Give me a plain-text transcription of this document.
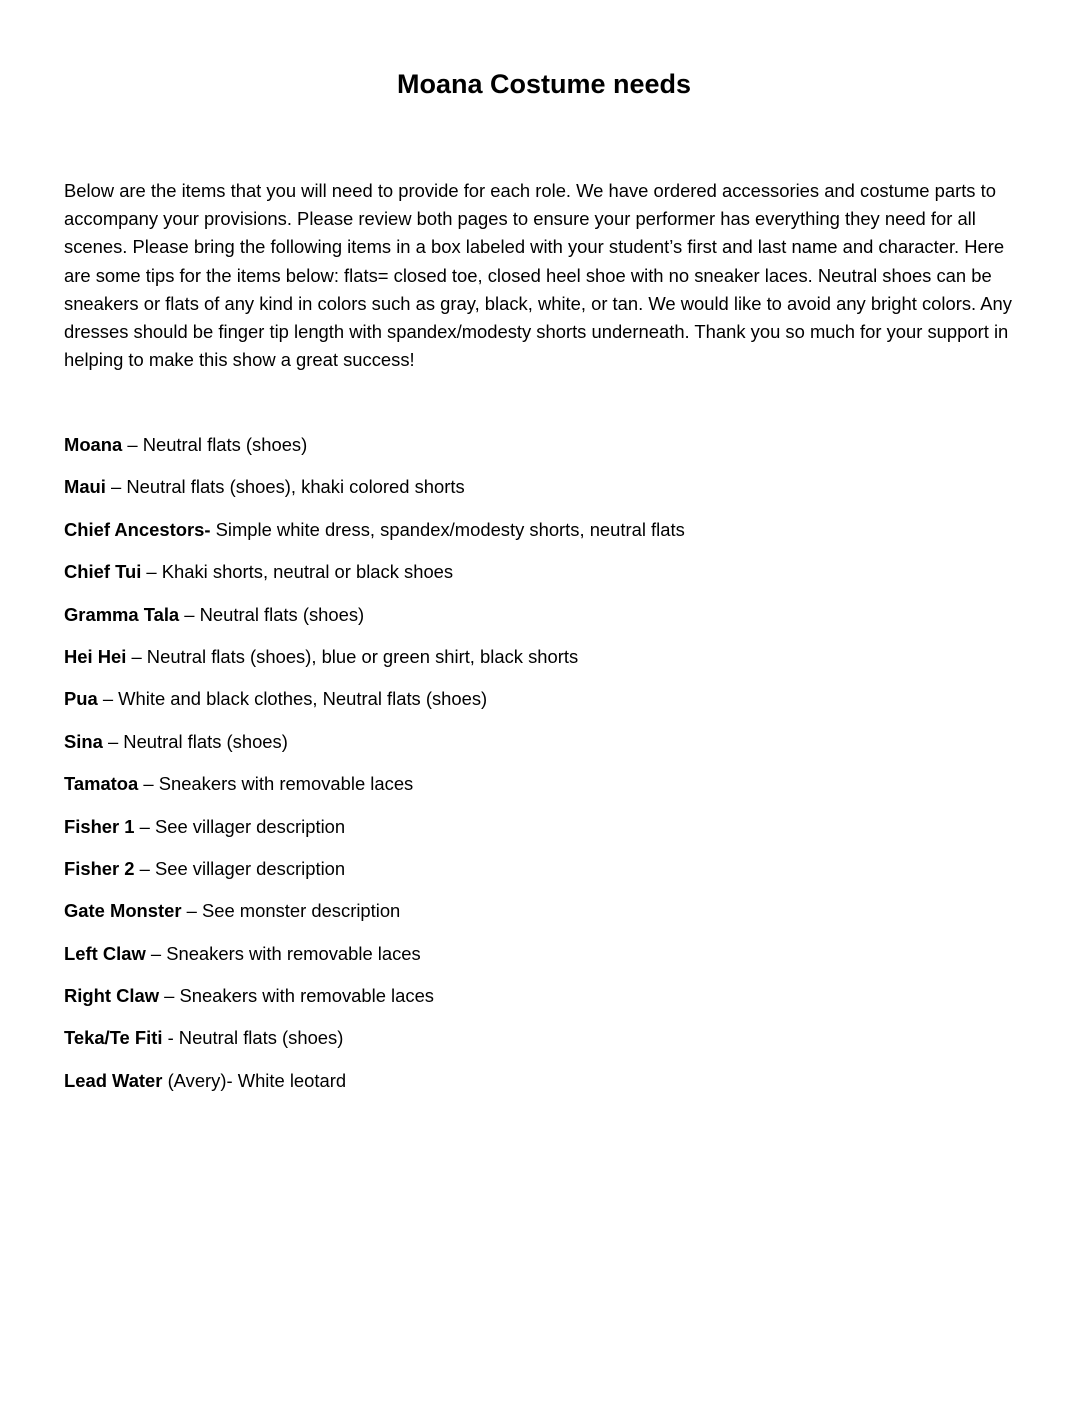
Moana Costume needs

Below are the items that you will need to provide for each role. We have ordered accessories and costume parts to accompany your provisions. Please review both pages to ensure your performer has everything they need for all scenes. Please bring the following items in a box labeled with your student’s first and last name and character. Here are some tips for the items below: flats= closed toe, closed heel shoe with no sneaker laces. Neutral shoes can be sneakers or flats of any kind in colors such as gray, black, white, or tan. We would like to avoid any bright colors. Any dresses should be finger tip length with spandex/modesty shorts underneath. Thank you so much for your support in helping to make this show a great success!

Moana – Neutral flats (shoes)
Maui – Neutral flats (shoes), khaki colored shorts
Chief Ancestors- Simple white dress, spandex/modesty shorts, neutral flats
Chief Tui – Khaki shorts, neutral or black shoes
Gramma Tala – Neutral flats (shoes)
Hei Hei – Neutral flats (shoes), blue or green shirt, black shorts
Pua – White and black clothes, Neutral flats (shoes)
Sina – Neutral flats (shoes)
Tamatoa – Sneakers with removable laces
Fisher 1 – See villager description
Fisher 2 – See villager description
Gate Monster – See monster description
Left Claw – Sneakers with removable laces
Right Claw – Sneakers with removable laces
Teka/Te Fiti - Neutral flats (shoes)
Lead Water (Avery)- White leotard
